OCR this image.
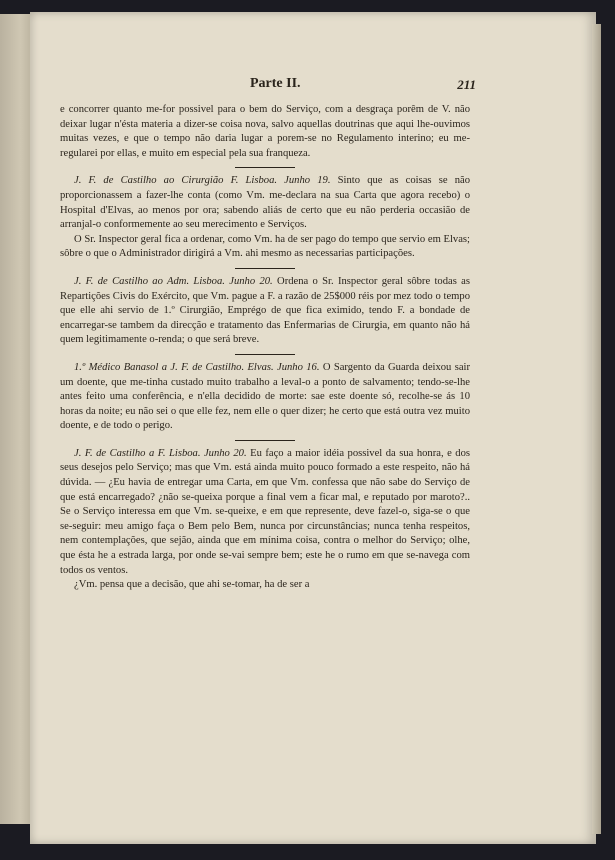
Parte II.	211

e concorrer quanto me-for possivel para o bem do Serviço, com a desgraça porêm de V. não deixar lugar n'ésta materia a dizer-se coisa nova, salvo aquellas doutrinas que aqui lhe-ouvimos muitas vezes, e que o tempo não daria lugar a porem-se no Regulamento interino; eu me-regularei por ellas, e muito em especial pela sua franqueza.

J. F. de Castilho ao Cirurgião F. Lisboa. Junho 19. Sinto que as coisas se não proporcionassem a fazer-lhe conta (como Vm. me-declara na sua Carta que agora recebo) o Hospital d'Elvas, ao menos por ora; sabendo aliás de certo que eu não perderia occasião de arranjal-o conformemente ao seu merecimento e Serviços.

O Sr. Inspector geral fica a ordenar, como Vm. ha de ser pago do tempo que servio em Elvas; sôbre o que o Administrador dirigirá a Vm. ahi mesmo as necessarias participações.

J. F. de Castilho ao Adm. Lisboa. Junho 20. Ordena o Sr. Inspector geral sôbre todas as Repartições Civis do Exército, que Vm. pague a F. a razão de 25$000 réis por mez todo o tempo que elle ahi servio de 1.º Cirurgião, Emprégo de que fica eximido, tendo F. a bondade de encarregar-se tambem da direcção e tratamento das Enfermarias de Cirurgia, em quanto não há quem legitimamente o-renda; o que será breve.

1.º Médico Banasol a J. F. de Castilho. Elvas. Junho 16. O Sargento da Guarda deixou sair um doente, que me-tinha custado muito trabalho a leval-o a ponto de salvamento; tendo-se-lhe antes feito uma conferência, e n'ella decidido de morte: sae este doente só, recolhe-se ás 10 horas da noite; eu não sei o que elle fez, nem elle o quer dizer; he certo que está outra vez muito doente, e de todo o perigo.

J. F. de Castilho a F. Lisboa. Junho 20. Eu faço a maior idéia possivel da sua honra, e dos seus desejos pelo Serviço; mas que Vm. está ainda muito pouco formado a este respeito, não há dúvida. — ¿Eu havia de entregar uma Carta, em que Vm. confessa que não sabe do Serviço de que está encarregado? ¿não se-queixa porque a final vem a ficar mal, e reputado por maroto?.. Se o Serviço interessa em que Vm. se-queixe, e em que represente, deve fazel-o, siga-se o que se-seguir: meu amigo faça o Bem pelo Bem, nunca por circunstâncias; nunca tenha respeitos, nem contemplações, que sejão, ainda que em mínima coisa, contra o melhor do Serviço; olhe, que ésta he a estrada larga, por onde se-vai sempre bem; este he o rumo em que se-navega com todos os ventos.

¿Vm. pensa que a decisão, que ahi se-tomar, ha de ser a
